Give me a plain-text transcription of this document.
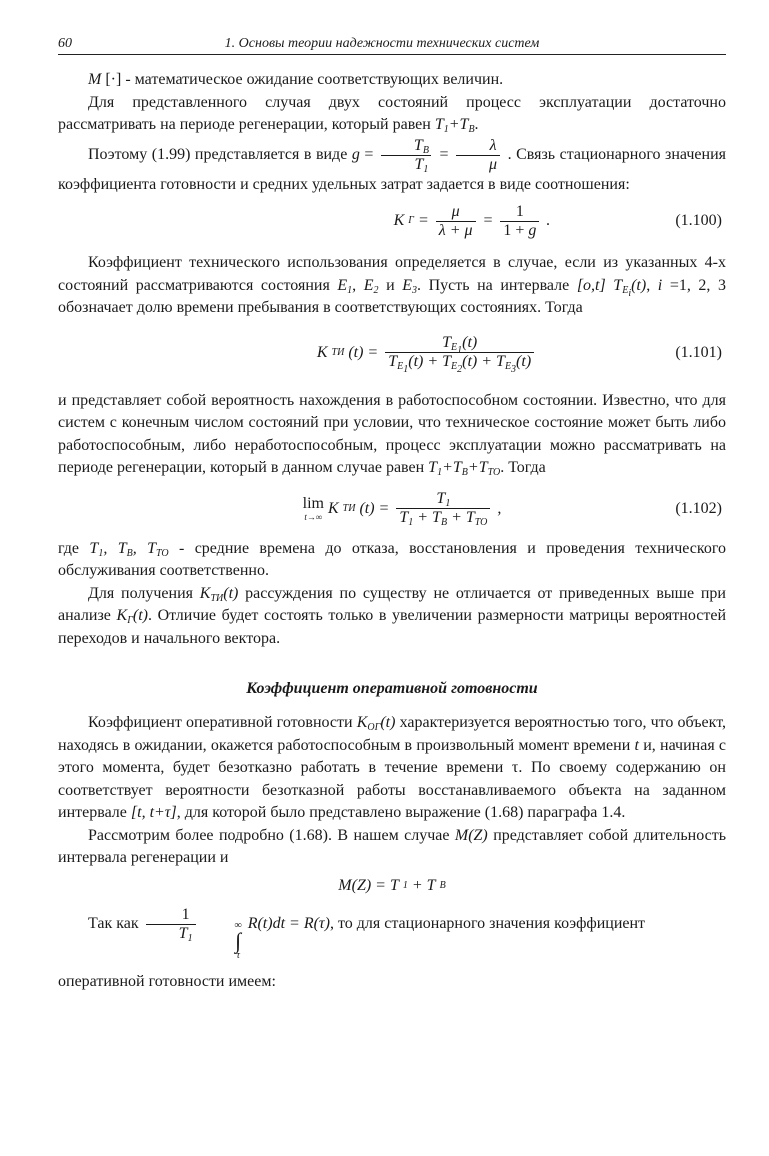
60	1. Основы теории надежности технических систем

M [·] - математическое ожидание соответствующих величин.

Для представленного случая двух состояний процесс эксплуатации достаточно рассматривать на периоде регенерации, который равен $T_1+T_B$.

Поэтому (1.99) представляется в виде $g = \frac{T_B}{T_1} = \frac{\lambda}{\mu}$ . Связь стационарного значения коэффициента готовности и средних удельных затрат задается в виде соотношения:

K $Г = \frac{\mu}{\lambda + \mu} = \frac{1}{1 + g}$ .	(1.100)

Коэффициент технического использования определяется в случае, если из указанных 4-х состояний рассматриваются состояния $E_1$, $E_2$ и $E_3$. Пусть на интервале [o,t] $T_{E_i}(t)$, i =1, 2, 3 обозначает долю времени пребывания в соответствующих состояниях. Тогда

K ТИ $(t) = \frac{T_{E_1}(t)}{T_{E_1}(t) + T_{E_2}(t) + T_{E_3}(t)}$	(1.101)

и представляет собой вероятность нахождения в работоспособном состоянии. Известно, что для систем с конечным числом состояний при условии, что техническое состояние может быть либо работоспособным, либо неработоспособным, процесс эксплуатации можно рассматривать на периоде регенерации, который в данном случае равен $T_1+T_B+T_{TO}$. Тогда

lim
t→∞
K ТИ $(t) = \frac{T_1}{T_1 + T_B + T_{TO}}$ ,	(1.102)

где $T_1$, $T_B$, $T_{TO}$ - средние времена до отказа, восстановления и проведения технического обслуживания соответственно.

Для получения $K_{ТИ}(t)$ рассуждения по существу не отличается от приведенных выше при анализе $K_Г(t)$. Отличие будет состоять только в увеличении размерности матрицы вероятностей переходов и начального вектора.

Коэффициент оперативной готовности

Коэффициент оперативной готовности $K_{ОГ}(t)$ характеризуется вероятностью того, что объект, находясь в ожидании, окажется работоспособным в произвольный момент времени t и, начиная с этого момента, будет безотказно работать в течение времени τ. По своему содержанию он соответствует вероятности безотказной работы восстанавливаемого объекта на заданном интервале [t, t+τ], для которой было представлено выражение (1.68) параграфа 1.4.

Рассмотрим более подробно (1.68). В нашем случае M(Z) представляет собой длительность интервала регенерации и

M(Z) = T 1 + T B

Так как $\frac{1}{T_1}$
	∞
∫
τ
R(t)dt = R(τ), то для стационарного значения коэффициент

оперативной готовности имеем:
